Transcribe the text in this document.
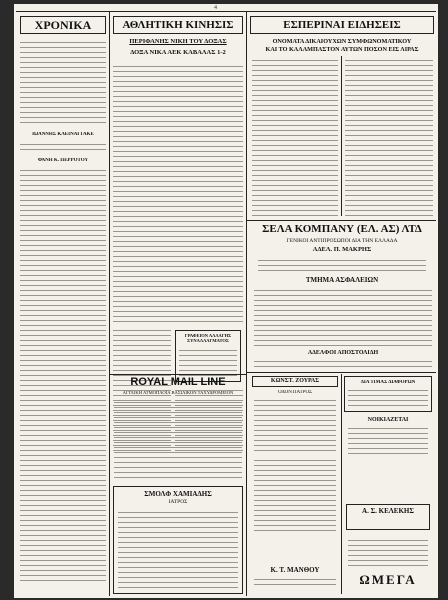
4
ΧΡΟΝΙΚΑ
ΙΩΑΝΝΗΣ ΚΛΕΙΝΑΙ ΓΑΚΕ
ΦΑΝΗ Κ. ΠΕΡΡΟΤΟΥ
ΑΘΛΗΤΙΚΗ ΚΙΝΗΣΙΣ
ΠΕΡΙΦΑΝΗΣ ΝΙΚΗ ΤΟΥ ΔΟΞΑΣ
ΔΟΞΑ ΝΙΚΑ ΑΕΚ ΚΑΒΑΛΑΣ 1-2
ΓΡΑΦΕΙΟΝ ΑΛΛΑΓΗΣ ΣΥΝΑΛΛΑΓΜΑΤΟΣ
ΕΣΠΕΡΙΝΑΙ ΕΙΔΗΣΕΙΣ
ΟΝΟΜΑΤΑ ΔΙΚΑΙΟΥΧΩΝ ΣΥΜΦΩΝΟΜΑΤΙΚΟΥ
ΚΑΙ ΤΟ ΚΑΛΑΜΠΑΣΤΟΝ ΑΥΤΩΝ ΠΟΣΟΝ ΕΙΣ ΛΙΡΑΣ
ΣΕΛΑ ΚΟΜΠΑΝΥ (ΕΛ. ΑΣ) ΛΤΔ
ΓΕΝΙΚΟΙ ΑΝΤΙΠΡΟΣΩΠΟΙ ΔΙΑ ΤΗΝ ΕΛΛΑΔΑ
ΑΔΕΛ. Π. ΜΑΚΡΗΣ
ΤΜΗΜΑ ΑΣΦΑΛΕΙΩΝ
ΑΔΕΛΦΟΙ ΑΠΟΣΤΟΛΙΔΗ
ROYAL MAIL LINE
ΑΓΓΛΙΚΗ ΑΤΜΟΠΛΟΪΑ ΒΑΣΙΛΙΚΟΝ ΤΑΧΥΔΡΟΜΕΙΟΝ
ΣΜΟΛΦ ΧΑΜΙΑΔΗΣ
ΙΑΤΡΟΣ
ΚΩΝΣΤ. ΖΟΥΡΑΣ
ΟΔΟΝΤΙΑΤΡΟΣ
ΔΙΑ ΤΙΜΑΣ ΔΙΑΦΟΡΩΝ
ΝΟΙΚΙΑΖΕΤΑΙ
Κ. Τ. ΜΑΝΘΟΥ
Α. Σ. ΚΕΛΕΚΗΣ
ΩΜΕΓΑ
